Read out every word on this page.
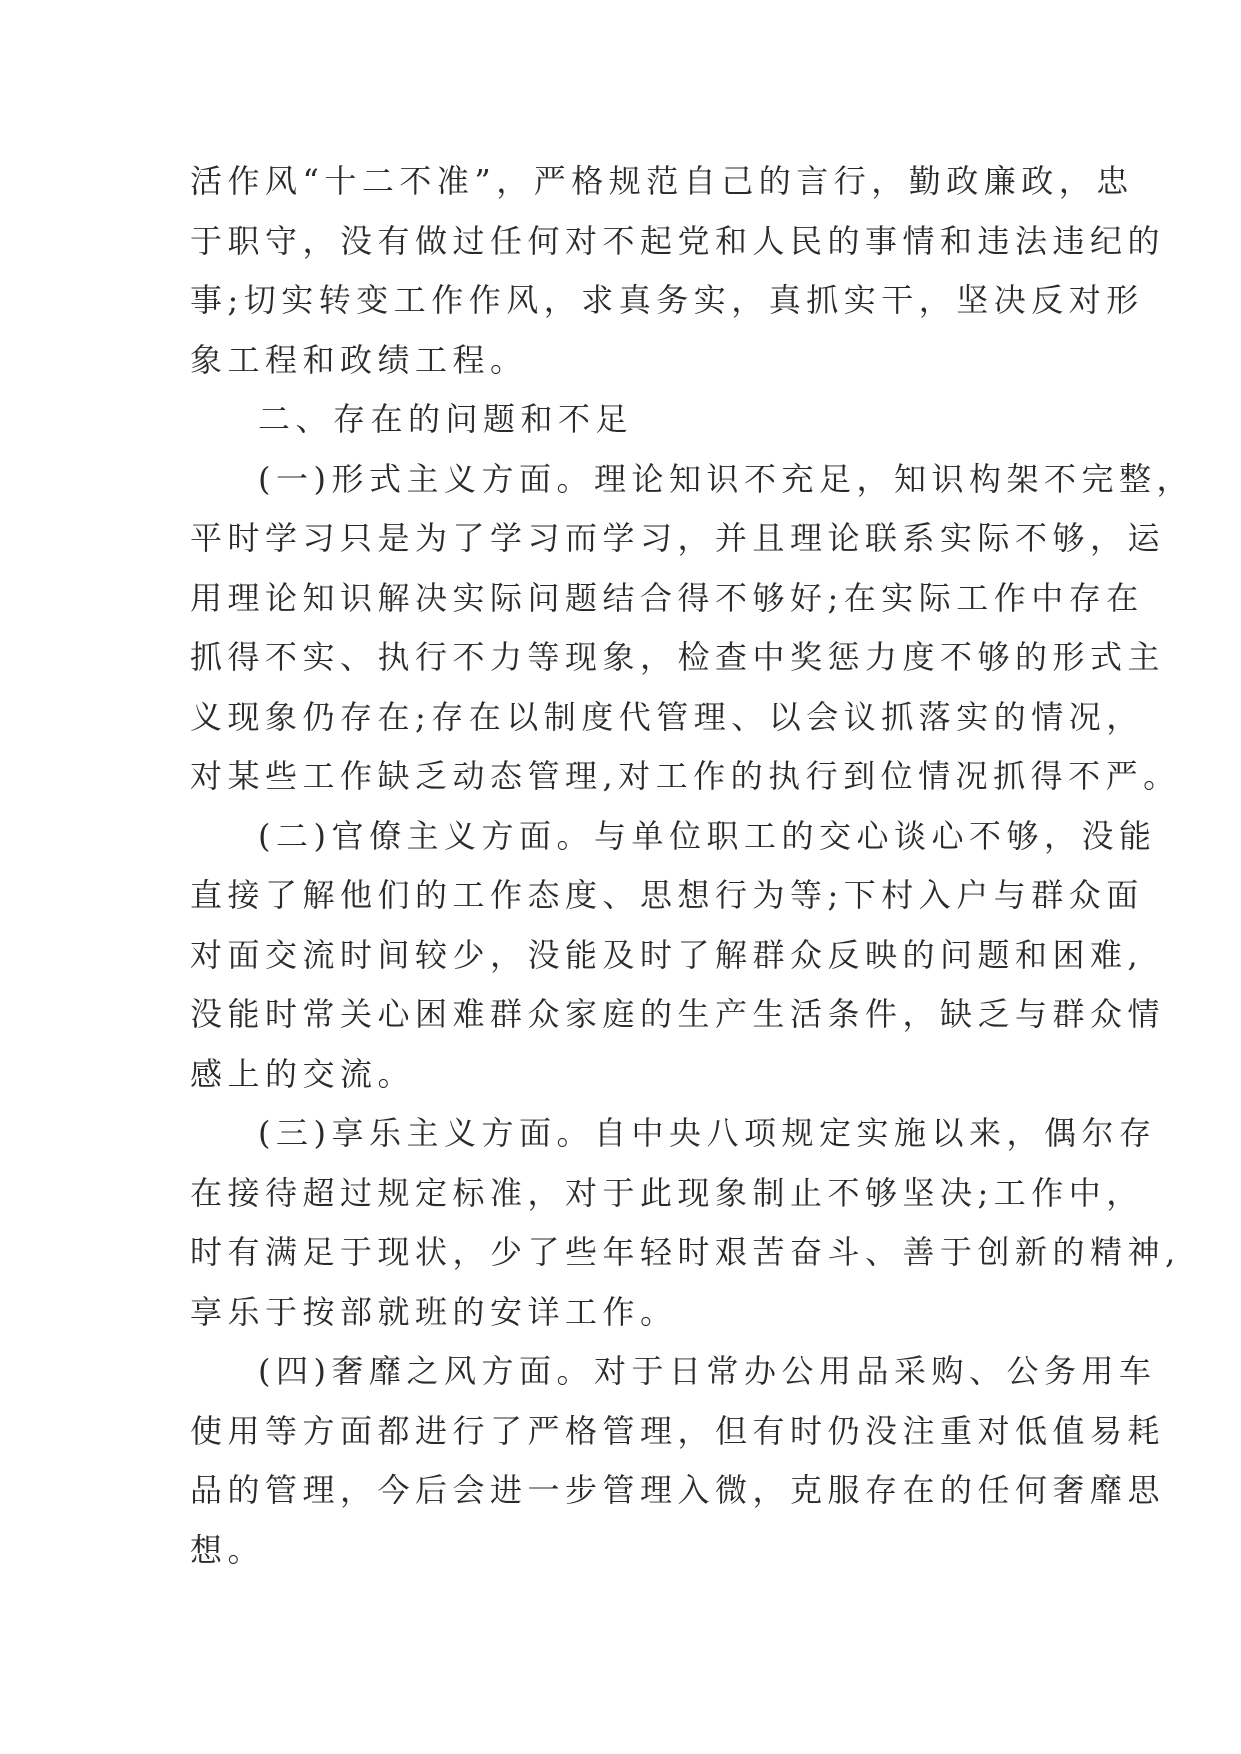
活作风“十二不准”，严格规范自己的言行，勤政廉政，忠
于职守，没有做过任何对不起党和人民的事情和违法违纪的
事;切实转变工作作风，求真务实，真抓实干，坚决反对形
象工程和政绩工程。
二、存在的问题和不足
(一)形式主义方面。理论知识不充足，知识构架不完整，
平时学习只是为了学习而学习，并且理论联系实际不够，运
用理论知识解决实际问题结合得不够好;在实际工作中存在
抓得不实、执行不力等现象，检查中奖惩力度不够的形式主
义现象仍存在;存在以制度代管理、以会议抓落实的情况，
对某些工作缺乏动态管理,对工作的执行到位情况抓得不严。
(二)官僚主义方面。与单位职工的交心谈心不够，没能
直接了解他们的工作态度、思想行为等;下村入户与群众面
对面交流时间较少，没能及时了解群众反映的问题和困难,
没能时常关心困难群众家庭的生产生活条件，缺乏与群众情
感上的交流。
(三)享乐主义方面。自中央八项规定实施以来，偶尔存
在接待超过规定标准，对于此现象制止不够坚决;工作中，
时有满足于现状，少了些年轻时艰苦奋斗、善于创新的精神,
享乐于按部就班的安详工作。
(四)奢靡之风方面。对于日常办公用品采购、公务用车
使用等方面都进行了严格管理，但有时仍没注重对低值易耗
品的管理，今后会进一步管理入微，克服存在的任何奢靡思
想。
